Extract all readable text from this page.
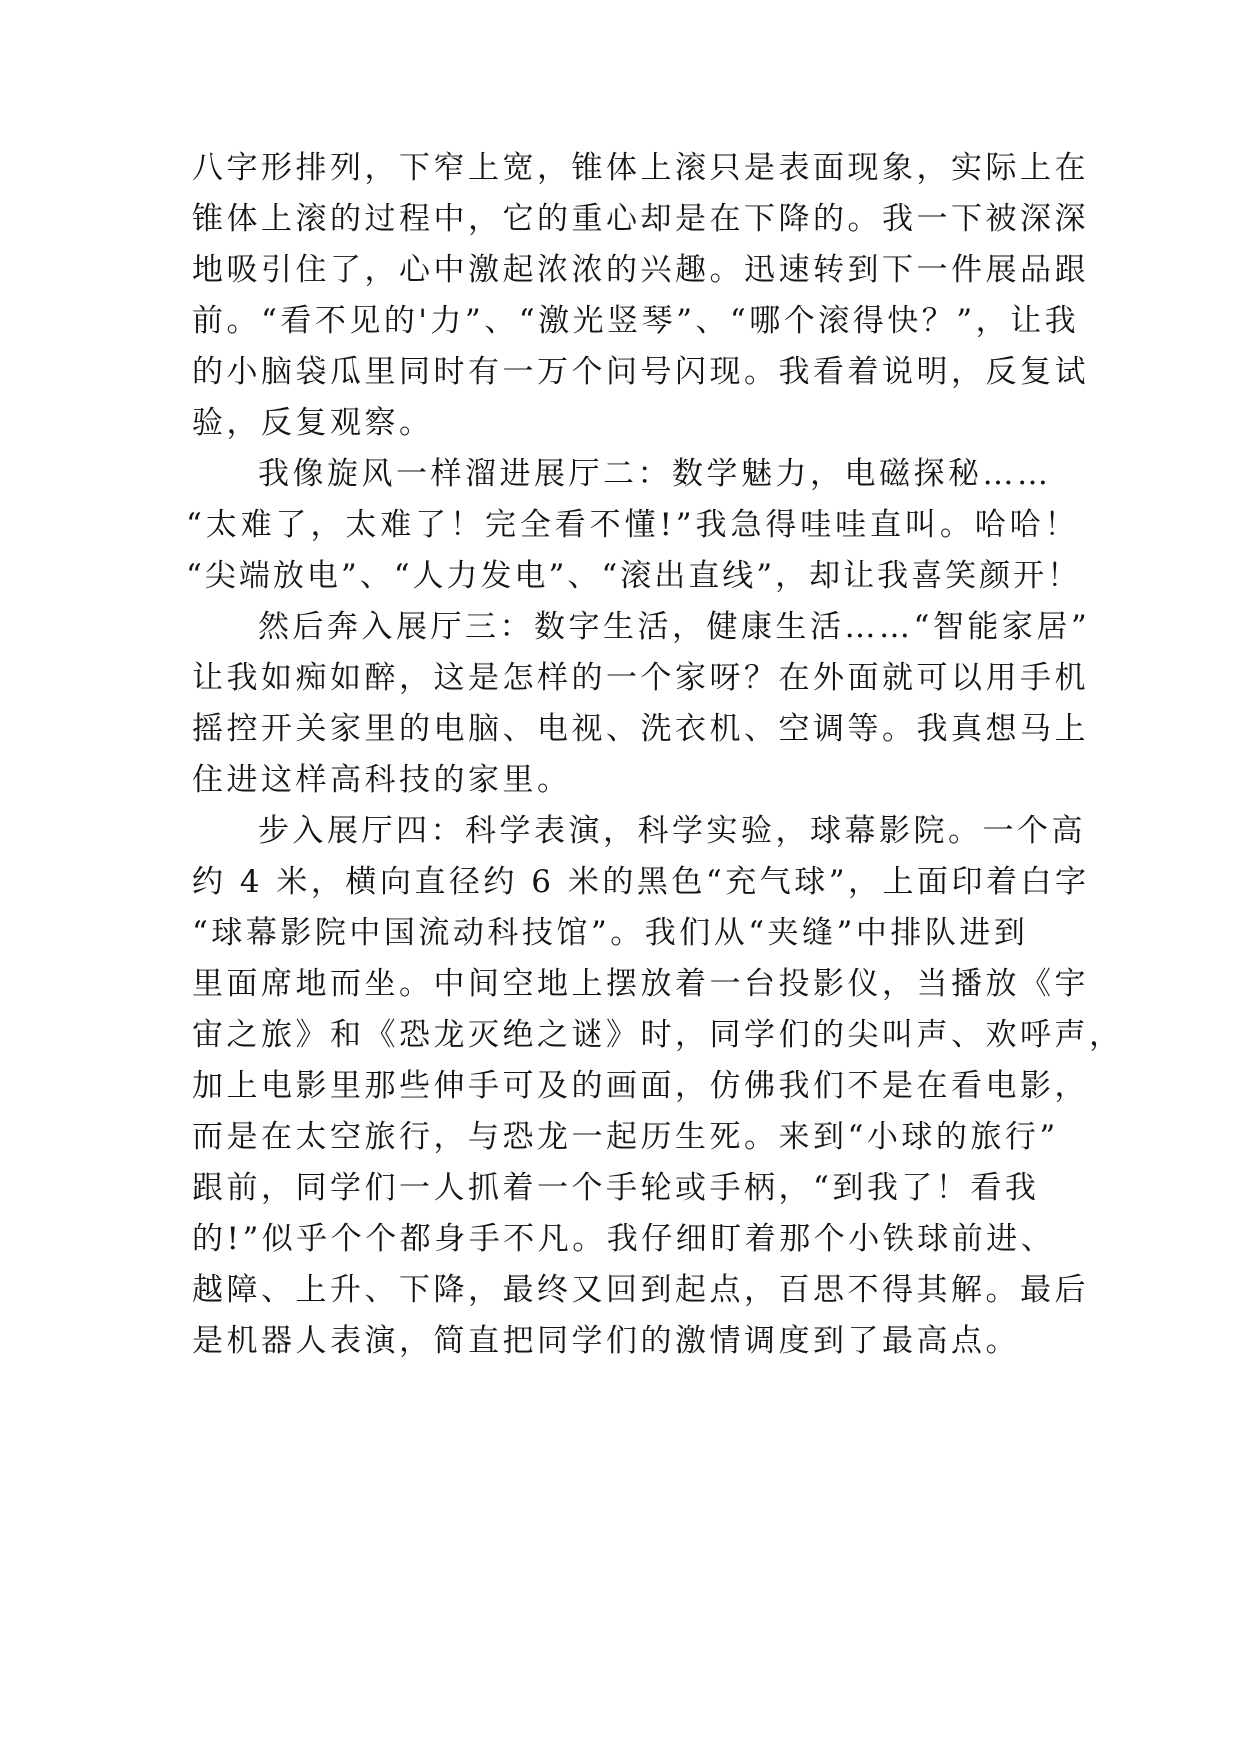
八字形排列，下窄上宽，锥体上滚只是表面现象，实际上在

锥体上滚的过程中，它的重心却是在下降的。我一下被深深

地吸引住了，心中激起浓浓的兴趣。迅速转到下一件展品跟

前。“看不见的'力”、“激光竖琴”、“哪个滚得快？”，让我

的小脑袋瓜里同时有一万个问号闪现。我看着说明，反复试

验，反复观察。

我像旋风一样溜进展厅二：数学魅力，电磁探秘……

“太难了，太难了！完全看不懂!”我急得哇哇直叫。哈哈！

“尖端放电”、“人力发电”、“滚出直线”，却让我喜笑颜开！

然后奔入展厅三：数字生活，健康生活……“智能家居”

让我如痴如醉，这是怎样的一个家呀？在外面就可以用手机

摇控开关家里的电脑、电视、洗衣机、空调等。我真想马上

住进这样高科技的家里。

步入展厅四：科学表演，科学实验，球幕影院。一个高

约 4 米，横向直径约 6 米的黑色“充气球”，上面印着白字

“球幕影院中国流动科技馆”。我们从“夹缝”中排队进到

里面席地而坐。中间空地上摆放着一台投影仪，当播放《宇

宙之旅》和《恐龙灭绝之谜》时，同学们的尖叫声、欢呼声，

加上电影里那些伸手可及的画面，仿佛我们不是在看电影，

而是在太空旅行，与恐龙一起历生死。来到“小球的旅行”

跟前，同学们一人抓着一个手轮或手柄，“到我了！看我

的!”似乎个个都身手不凡。我仔细盯着那个小铁球前进、

越障、上升、下降，最终又回到起点，百思不得其解。最后

是机器人表演，简直把同学们的激情调度到了最高点。
